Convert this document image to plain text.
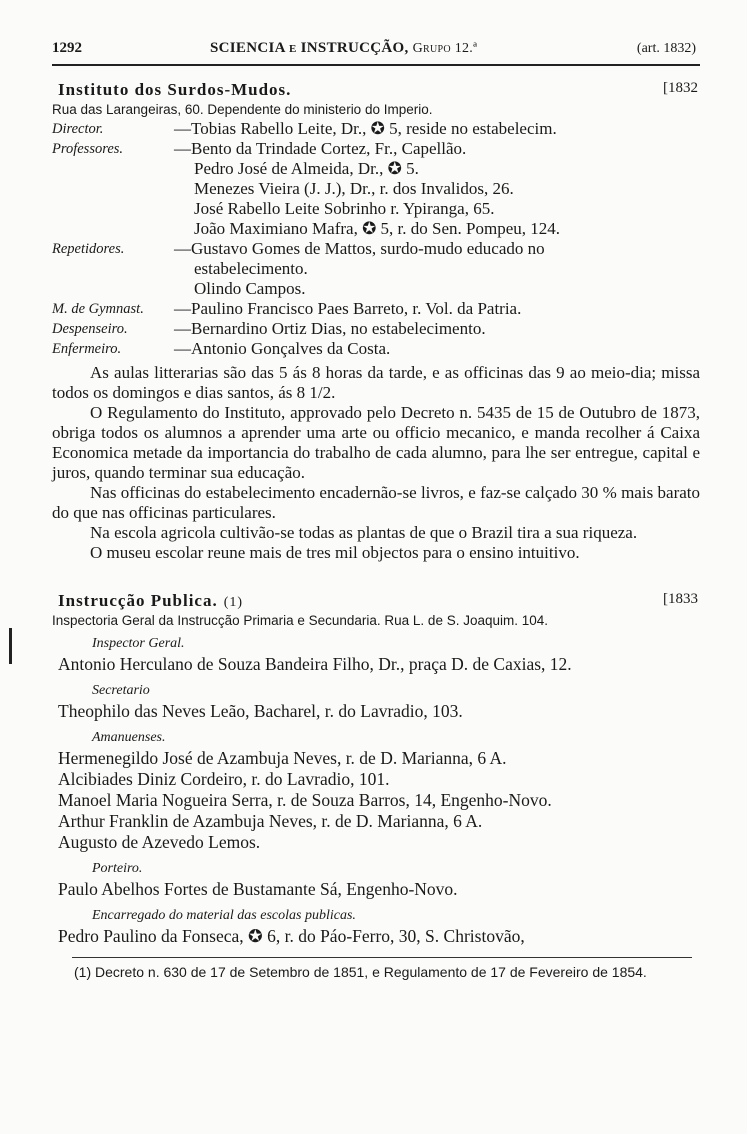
1292	SCIENCIA e INSTRUCÇÃO, Grupo 12.ª	(art. 1832)
Instituto dos Surdos-Mudos.	[1832
Rua das Larangeiras, 60. Dependente do ministerio do Imperio.
Director.	—Tobias Rabello Leite, Dr., ✪ 5, reside no estabelecim.
Professores.	—Bento da Trindade Cortez, Fr., Capellão.
Pedro José de Almeida, Dr., ✪ 5.
Menezes Vieira (J. J.), Dr., r. dos Invalidos, 26.
José Rabello Leite Sobrinho r. Ypiranga, 65.
João Maximiano Mafra, ✪ 5, r. do Sen. Pompeu, 124.
Repetidores.	—Gustavo Gomes de Mattos, surdo-mudo educado no
estabelecimento.
Olindo Campos.
M. de Gymnast.	—Paulino Francisco Paes Barreto, r. Vol. da Patria.
Despenseiro.	—Bernardino Ortiz Dias, no estabelecimento.
Enfermeiro.	—Antonio Gonçalves da Costa.

As aulas litterarias são das 5 ás 8 horas da tarde, e as officinas das 9 ao meio-dia; missa todos os domingos e dias santos, ás 8 1/2.

O Regulamento do Instituto, approvado pelo Decreto n. 5435 de 15 de Outubro de 1873, obriga todos os alumnos a aprender uma arte ou officio mecanico, e manda recolher á Caixa Economica metade da importancia do trabalho de cada alumno, para lhe ser entregue, capital e juros, quando terminar sua educação.

Nas officinas do estabelecimento encadernão-se livros, e faz-se calçado 30 % mais barato do que nas officinas particulares.

Na escola agricola cultivão-se todas as plantas de que o Brazil tira a sua riqueza.

O museu escolar reune mais de tres mil objectos para o ensino intuitivo.

Instrucção Publica. (1)	[1833
Inspectoria Geral da Instrucção Primaria e Secundaria. Rua L. de S. Joaquim. 104.
Inspector Geral.
Antonio Herculano de Souza Bandeira Filho, Dr., praça D. de Caxias, 12.
Secretario
Theophilo das Neves Leão, Bacharel, r. do Lavradio, 103.
Amanuenses.
Hermenegildo José de Azambuja Neves, r. de D. Marianna, 6 A.
Alcibiades Diniz Cordeiro, r. do Lavradio, 101.
Manoel Maria Nogueira Serra, r. de Souza Barros, 14, Engenho-Novo.
Arthur Franklin de Azambuja Neves, r. de D. Marianna, 6 A.
Augusto de Azevedo Lemos.
Porteiro.
Paulo Abelhos Fortes de Bustamante Sá, Engenho-Novo.
Encarregado do material das escolas publicas.
Pedro Paulino da Fonseca, ✪ 6, r. do Páo-Ferro, 30, S. Christovão,
(1) Decreto n. 630 de 17 de Setembro de 1851, e Regulamento de 17 de Fevereiro de 1854.
